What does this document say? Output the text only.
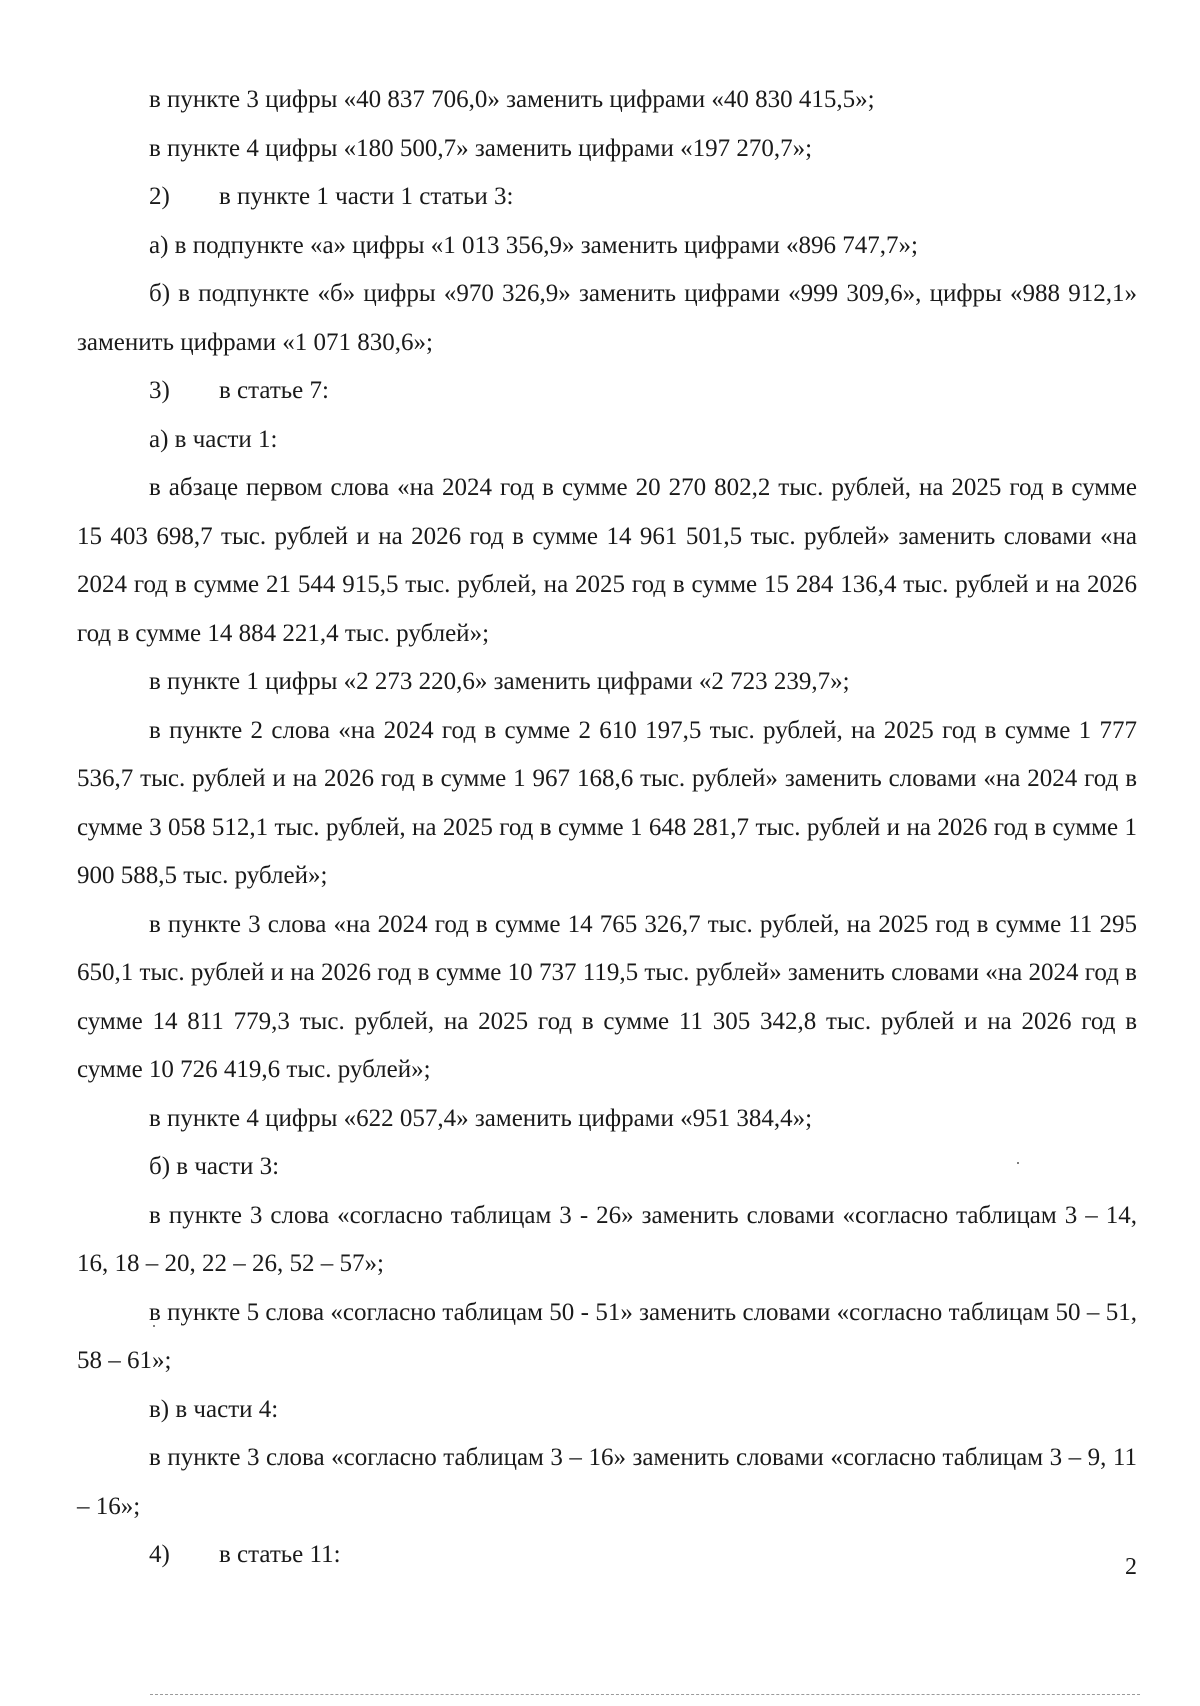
в пункте 3 цифры «40 837 706,0» заменить цифрами «40 830 415,5»;

в пункте 4 цифры «180 500,7» заменить цифрами «197 270,7»;

2)	в пункте 1 части 1 статьи 3:

а) в подпункте «а» цифры «1 013 356,9» заменить цифрами «896 747,7»;

б) в подпункте «б» цифры «970 326,9» заменить цифрами «999 309,6», цифры «988 912,1» заменить цифрами «1 071 830,6»;

3)	в статье 7:

а) в части 1:

в абзаце первом слова «на 2024 год в сумме 20 270 802,2 тыс. рублей, на 2025 год в сумме 15 403 698,7 тыс. рублей и на 2026 год в сумме 14 961 501,5 тыс. рублей» заменить словами «на 2024 год в сумме 21 544 915,5 тыс. рублей, на 2025 год в сумме 15 284 136,4 тыс. рублей и на 2026 год в сумме 14 884 221,4 тыс. рублей»;

в пункте 1 цифры «2 273 220,6» заменить цифрами «2 723 239,7»;

в пункте 2 слова «на 2024 год в сумме 2 610 197,5 тыс. рублей, на 2025 год в сумме 1 777 536,7 тыс. рублей и на 2026 год в сумме 1 967 168,6 тыс. рублей» заменить словами «на 2024 год в сумме 3 058 512,1 тыс. рублей, на 2025 год в сумме 1 648 281,7 тыс. рублей и на 2026 год в сумме 1 900 588,5 тыс. рублей»;

в пункте 3 слова «на 2024 год в сумме 14 765 326,7 тыс. рублей, на 2025 год в сумме 11 295 650,1 тыс. рублей и на 2026 год в сумме 10 737 119,5 тыс. рублей» заменить словами «на 2024 год в сумме 14 811 779,3 тыс. рублей, на 2025 год в сумме 11 305 342,8 тыс. рублей и на 2026 год в сумме 10 726 419,6 тыс. рублей»;

в пункте 4 цифры «622 057,4» заменить цифрами «951 384,4»;

б) в части 3:

в пункте 3 слова «согласно таблицам 3 - 26» заменить словами «согласно таблицам 3 – 14, 16, 18 – 20, 22 – 26, 52 – 57»;

в пункте 5 слова «согласно таблицам 50 - 51» заменить словами «согласно таблицам 50 – 51, 58 – 61»;

в) в части 4:

в пункте 3 слова «согласно таблицам 3 – 16» заменить словами «согласно таблицам 3 – 9, 11 – 16»;

4)	в статье 11:	2
